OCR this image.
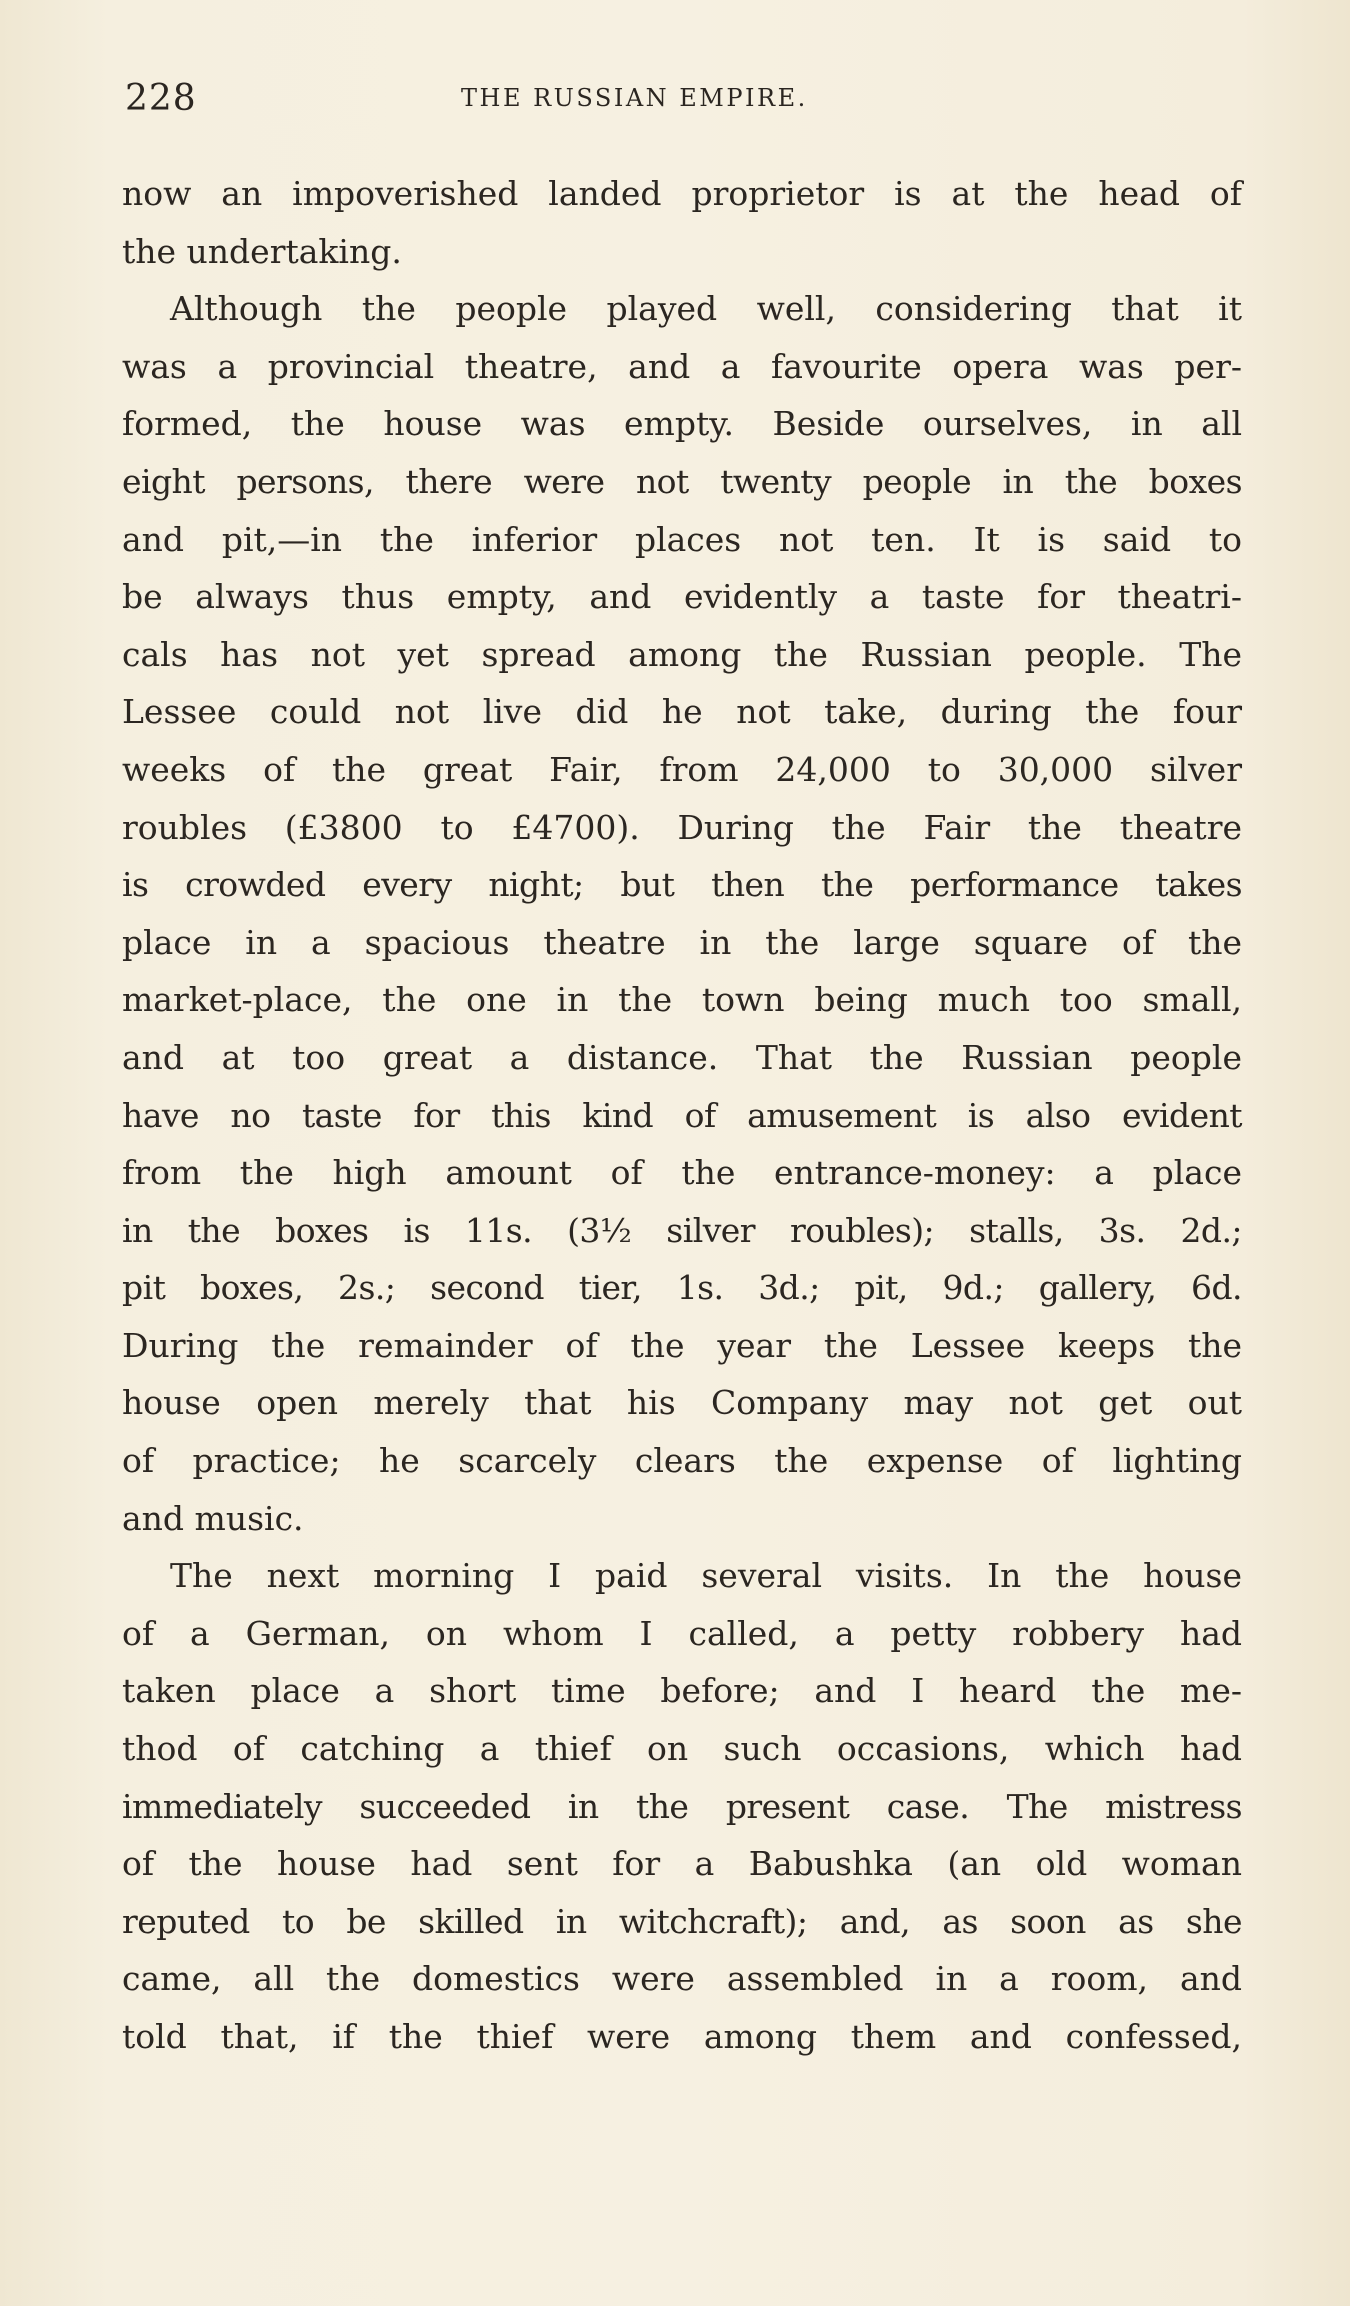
228	THE RUSSIAN EMPIRE.
now an impoverished landed proprietor is at the head of
the undertaking.
Although the people played well, considering that it
was a provincial theatre, and a favourite opera was per-
formed, the house was empty. Beside ourselves, in all
eight persons, there were not twenty people in the boxes
and pit,—in the inferior places not ten. It is said to
be always thus empty, and evidently a taste for theatri-
cals has not yet spread among the Russian people. The
Lessee could not live did he not take, during the four
weeks of the great Fair, from 24,000 to 30,000 silver
roubles (£3800 to £4700). During the Fair the theatre
is crowded every night; but then the performance takes
place in a spacious theatre in the large square of the
market-place, the one in the town being much too small,
and at too great a distance. That the Russian people
have no taste for this kind of amusement is also evident
from the high amount of the entrance-money: a place
in the boxes is 11s. (3½ silver roubles); stalls, 3s. 2d.;
pit boxes, 2s.; second tier, 1s. 3d.; pit, 9d.; gallery, 6d.
During the remainder of the year the Lessee keeps the
house open merely that his Company may not get out
of practice; he scarcely clears the expense of lighting
and music.
The next morning I paid several visits. In the house
of a German, on whom I called, a petty robbery had
taken place a short time before; and I heard the me-
thod of catching a thief on such occasions, which had
immediately succeeded in the present case. The mistress
of the house had sent for a Babushka (an old woman
reputed to be skilled in witchcraft); and, as soon as she
came, all the domestics were assembled in a room, and
told that, if the thief were among them and confessed,
